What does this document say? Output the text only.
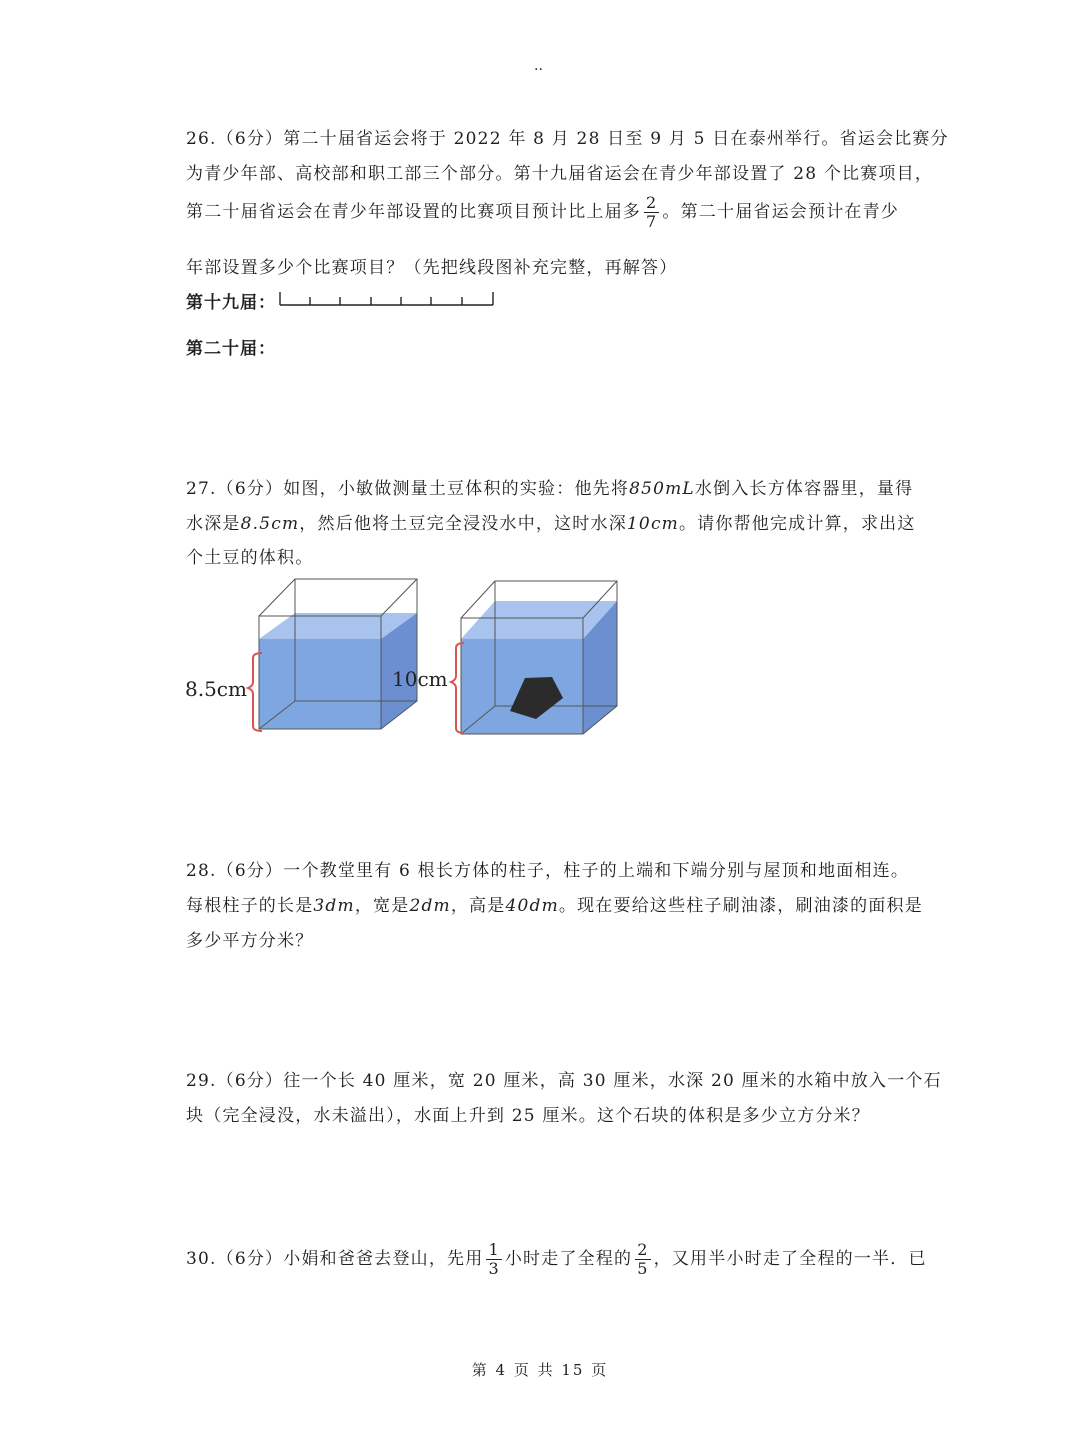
..
26.（6分）第二十届省运会将于 2022 年 8 月 28 日至 9 月 5 日在泰州举行。省运会比赛分
为青少年部、高校部和职工部三个部分。第十九届省运会在青少年部设置了 28 个比赛项目，
第二十届省运会在青少年部设置的比赛项目预计比上届多 $\frac{2}{7}$ 。第二十届省运会预计在青少
年部设置多少个比赛项目？（先把线段图补充完整，再解答）
第十九届：
第二十届：
27.（6分）如图，小敏做测量土豆体积的实验：他先将850mL水倒入长方体容器里，量得
水深是8.5cm，然后他将土豆完全浸没水中，这时水深10cm。请你帮他完成计算，求出这
个土豆的体积。
8.5cm	10cm
28.（6分）一个教堂里有 6 根长方体的柱子，柱子的上端和下端分别与屋顶和地面相连。
每根柱子的长是3dm，宽是2dm，高是40dm。现在要给这些柱子刷油漆，刷油漆的面积是
多少平方分米？
29.（6分）往一个长 40 厘米，宽 20 厘米，高 30 厘米，水深 20 厘米的水箱中放入一个石
块（完全浸没，水未溢出），水面上升到 25 厘米。这个石块的体积是多少立方分米？
30.（6分）小娟和爸爸去登山，先用 $\frac{1}{3}$ 小时走了全程的 $\frac{2}{5}$ ，又用半小时走了全程的一半．已
第 4 页 共 15 页
